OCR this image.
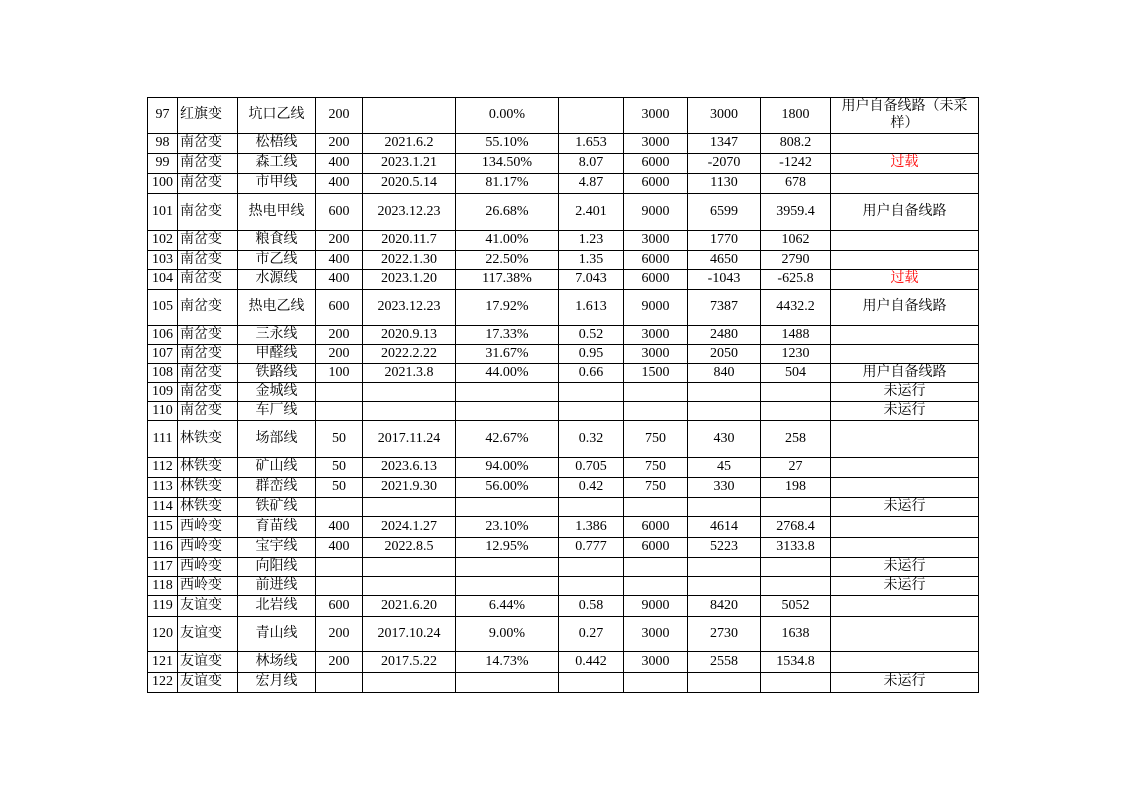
97	红旗变	坑口乙线	200		0.00%		3000	3000	1800	用户自备线路（未采样）
98	南岔变	松梧线	200	2021.6.2	55.10%	1.653	3000	1347	808.2	
99	南岔变	森工线	400	2023.1.21	134.50%	8.07	6000	-2070	-1242	过载
100	南岔变	市甲线	400	2020.5.14	81.17%	4.87	6000	1130	678	
101	南岔变	热电甲线	600	2023.12.23	26.68%	2.401	9000	6599	3959.4	用户自备线路
102	南岔变	粮食线	200	2020.11.7	41.00%	1.23	3000	1770	1062	
103	南岔变	市乙线	400	2022.1.30	22.50%	1.35	6000	4650	2790	
104	南岔变	水源线	400	2023.1.20	117.38%	7.043	6000	-1043	-625.8	过载
105	南岔变	热电乙线	600	2023.12.23	17.92%	1.613	9000	7387	4432.2	用户自备线路
106	南岔变	三永线	200	2020.9.13	17.33%	0.52	3000	2480	1488	
107	南岔变	甲醛线	200	2022.2.22	31.67%	0.95	3000	2050	1230	
108	南岔变	铁路线	100	2021.3.8	44.00%	0.66	1500	840	504	用户自备线路
109	南岔变	金城线								未运行
110	南岔变	车厂线								未运行
111	林铁变	场部线	50	2017.11.24	42.67%	0.32	750	430	258	
112	林铁变	矿山线	50	2023.6.13	94.00%	0.705	750	45	27	
113	林铁变	群峦线	50	2021.9.30	56.00%	0.42	750	330	198	
114	林铁变	铁矿线								未运行
115	西岭变	育苗线	400	2024.1.27	23.10%	1.386	6000	4614	2768.4	
116	西岭变	宝宇线	400	2022.8.5	12.95%	0.777	6000	5223	3133.8	
117	西岭变	向阳线								未运行
118	西岭变	前进线								未运行
119	友谊变	北岩线	600	2021.6.20	6.44%	0.58	9000	8420	5052	
120	友谊变	青山线	200	2017.10.24	9.00%	0.27	3000	2730	1638	
121	友谊变	林场线	200	2017.5.22	14.73%	0.442	3000	2558	1534.8	
122	友谊变	宏月线								未运行
